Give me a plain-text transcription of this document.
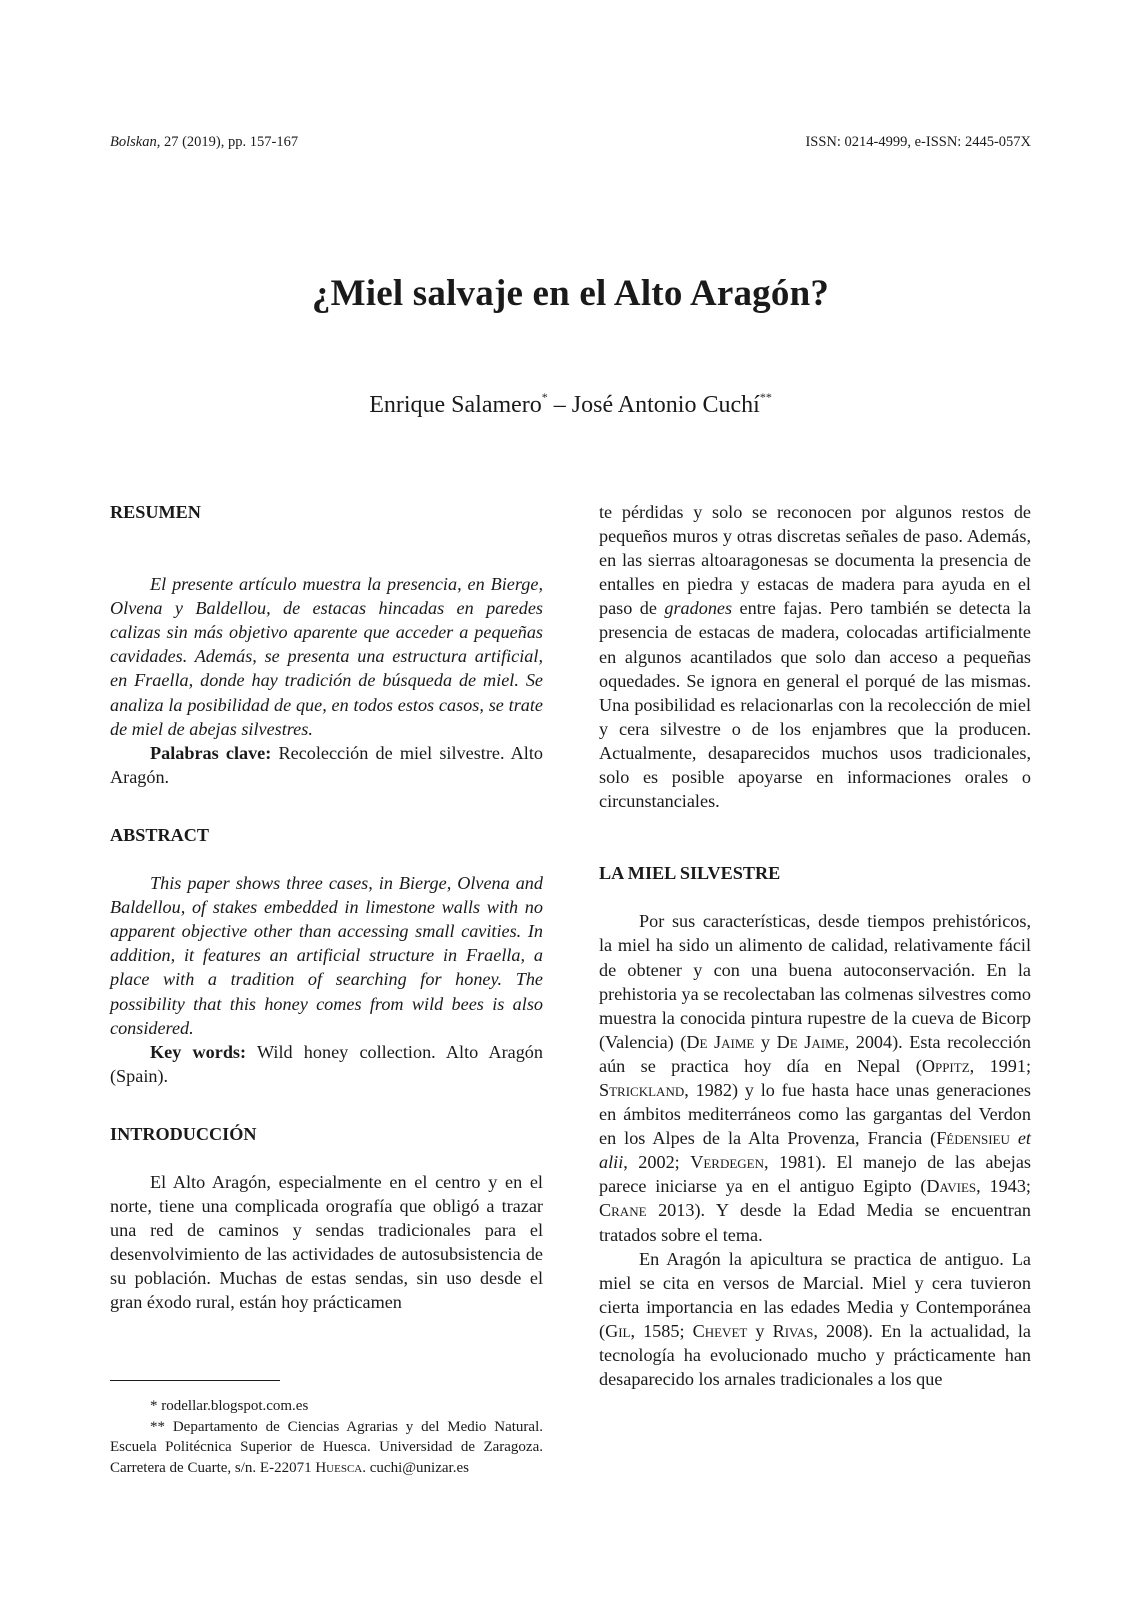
Bolskan, 27 (2019), pp. 157-167	ISSN: 0214-4999, e-ISSN: 2445-057X
¿Miel salvaje en el Alto Aragón?
Enrique Salamero* – José Antonio Cuchí**
RESUMEN

El presente artículo muestra la presencia, en Bierge, Olvena y Baldellou, de estacas hincadas en paredes calizas sin más objetivo aparente que acceder a pequeñas cavidades. Además, se presenta una estructura artificial, en Fraella, donde hay tradición de búsqueda de miel. Se analiza la posibilidad de que, en todos estos casos, se trate de miel de abejas silvestres.

Palabras clave: Recolección de miel silvestre. Alto Aragón.

ABSTRACT

This paper shows three cases, in Bierge, Olvena and Baldellou, of stakes embedded in limestone walls with no apparent objective other than accessing small cavities. In addition, it features an artificial structure in Fraella, a place with a tradition of searching for honey. The possibility that this honey comes from wild bees is also considered.

Key words: Wild honey collection. Alto Aragón (Spain).

INTRODUCCIÓN

El Alto Aragón, especialmente en el centro y en el norte, tiene una complicada orografía que obligó a trazar una red de caminos y sendas tradicionales para el desenvolvimiento de las actividades de autosubsistencia de su población. Muchas de estas sendas, sin uso desde el gran éxodo rural, están hoy prácticamen

te pérdidas y solo se reconocen por algunos restos de pequeños muros y otras discretas señales de paso. Además, en las sierras altoaragonesas se documenta la presencia de entalles en piedra y estacas de madera para ayuda en el paso de gradones entre fajas. Pero también se detecta la presencia de estacas de madera, colocadas artificialmente en algunos acantilados que solo dan acceso a pequeñas oquedades. Se ignora en general el porqué de las mismas. Una posibilidad es relacionarlas con la recolección de miel y cera silvestre o de los enjambres que la producen. Actualmente, desaparecidos muchos usos tradicionales, solo es posible apoyarse en informaciones orales o circunstanciales.

LA MIEL SILVESTRE

Por sus características, desde tiempos prehistóricos, la miel ha sido un alimento de calidad, relativamente fácil de obtener y con una buena autoconservación. En la prehistoria ya se recolectaban las colmenas silvestres como muestra la conocida pintura rupestre de la cueva de Bicorp (Valencia) (De Jaime y De Jaime, 2004). Esta recolección aún se practica hoy día en Nepal (Oppitz, 1991; Strickland, 1982) y lo fue hasta hace unas generaciones en ámbitos mediterráneos como las gargantas del Verdon en los Alpes de la Alta Provenza, Francia (Fédensieu et alii, 2002; Verdegen, 1981). El manejo de las abejas parece iniciarse ya en el antiguo Egipto (Davies, 1943; Crane 2013). Y desde la Edad Media se encuentran tratados sobre el tema.

En Aragón la apicultura se practica de antiguo. La miel se cita en versos de Marcial. Miel y cera tuvieron cierta importancia en las edades Media y Contemporánea (Gil, 1585; Chevet y Rivas, 2008). En la actualidad, la tecnología ha evolucionado mucho y prácticamente han desaparecido los arnales tradicionales a los que

* rodellar.blogspot.com.es

** Departamento de Ciencias Agrarias y del Medio Natural. Escuela Politécnica Superior de Huesca. Universidad de Zaragoza. Carretera de Cuarte, s/n. E-22071 Huesca. cuchi@unizar.es
